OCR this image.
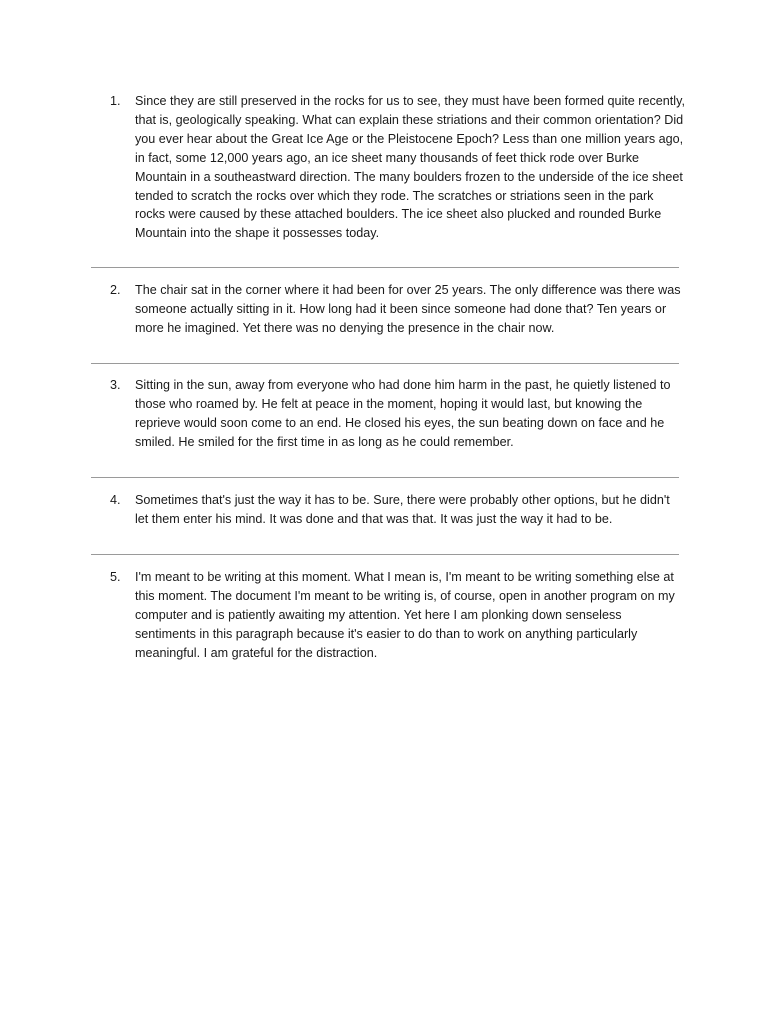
1.	Since they are still preserved in the rocks for us to see, they must have been formed quite recently, that is, geologically speaking. What can explain these striations and their common orientation? Did you ever hear about the Great Ice Age or the Pleistocene Epoch? Less than one million years ago, in fact, some 12,000 years ago, an ice sheet many thousands of feet thick rode over Burke Mountain in a southeastward direction. The many boulders frozen to the underside of the ice sheet tended to scratch the rocks over which they rode. The scratches or striations seen in the park rocks were caused by these attached boulders. The ice sheet also plucked and rounded Burke Mountain into the shape it possesses today.

2.	The chair sat in the corner where it had been for over 25 years. The only difference was there was someone actually sitting in it. How long had it been since someone had done that? Ten years or more he imagined. Yet there was no denying the presence in the chair now.

3.	Sitting in the sun, away from everyone who had done him harm in the past, he quietly listened to those who roamed by. He felt at peace in the moment, hoping it would last, but knowing the reprieve would soon come to an end. He closed his eyes, the sun beating down on face and he smiled. He smiled for the first time in as long as he could remember.

4.	Sometimes that's just the way it has to be. Sure, there were probably other options, but he didn't let them enter his mind. It was done and that was that. It was just the way it had to be.

5.	I'm meant to be writing at this moment. What I mean is, I'm meant to be writing something else at this moment. The document I'm meant to be writing is, of course, open in another program on my computer and is patiently awaiting my attention. Yet here I am plonking down senseless sentiments in this paragraph because it's easier to do than to work on anything particularly meaningful. I am grateful for the distraction.
